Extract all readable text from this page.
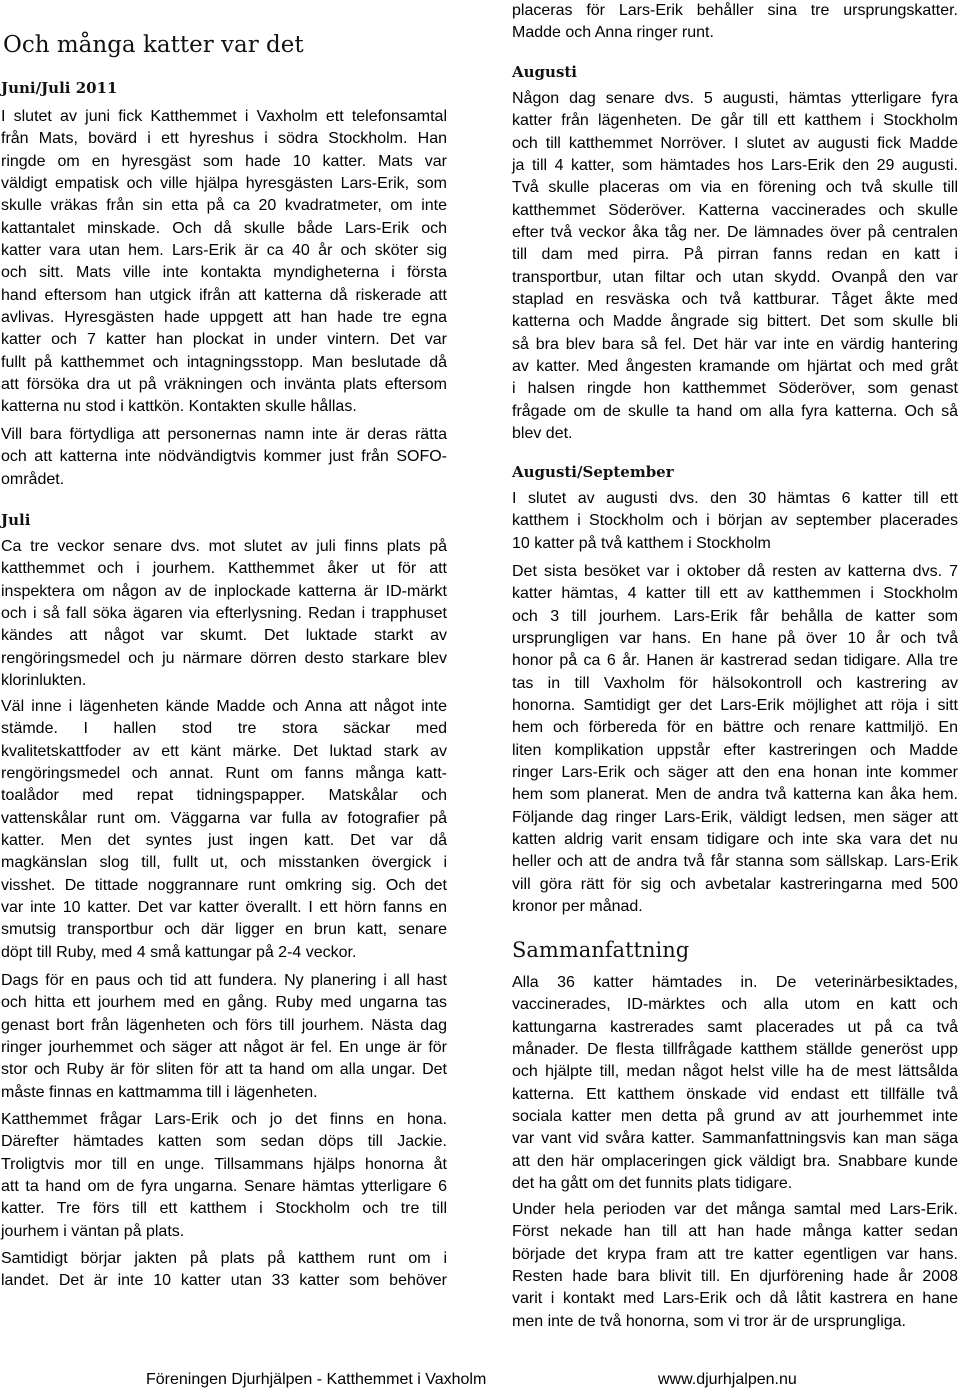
Och många katter var det
Juni/Juli 2011
I slutet av juni fick Katthemmet i Vaxholm ett telefonsamtal
från Mats, bovärd i ett hyreshus i södra Stockholm. Han
ringde om en hyresgäst som hade 10 katter. Mats var
väldigt empatisk och ville hjälpa hyresgästen Lars-Erik, som
skulle vräkas från sin etta på ca 20 kvadratmeter, om inte
kattantalet minskade. Och då skulle både Lars-Erik och
katter vara utan hem. Lars-Erik är ca 40 år och sköter sig
och sitt. Mats ville inte kontakta myndigheterna i första
hand eftersom han utgick ifrån att katterna då riskerade att
avlivas. Hyresgästen hade uppgett att han hade tre egna
katter och 7 katter han plockat in under vintern. Det var
fullt på katthemmet och intagningsstopp. Man beslutade då
att försöka dra ut på vräkningen och invänta plats eftersom
katterna nu stod i kattkön. Kontakten skulle hållas.
Vill bara förtydliga att personernas namn inte är deras rätta
och att katterna inte nödvändigtvis kommer just från SOFO-
området.
Juli
Ca tre veckor senare dvs. mot slutet av juli finns plats på
katthemmet och i jourhem. Katthemmet åker ut för att
inspektera om någon av de inplockade katterna är ID-märkt
och i så fall söka ägaren via efterlysning. Redan i trapphuset
kändes att något var skumt. Det luktade starkt av
rengöringsmedel och ju närmare dörren desto starkare blev
klorinlukten.
Väl inne i lägenheten kände Madde och Anna att något inte
stämde. I hallen stod tre stora säckar med
kvalitetskattfoder av ett känt märke. Det luktad stark av
rengöringsmedel och annat. Runt om fanns många katt-
toalådor med repat tidningspapper. Matskålar och
vattenskålar runt om. Väggarna var fulla av fotografier på
katter. Men det syntes just ingen katt. Det var då
magkänslan slog till, fullt ut, och misstanken övergick i
visshet. De tittade noggrannare runt omkring sig. Och det
var inte 10 katter. Det var katter överallt. I ett hörn fanns en
smutsig transportbur och där ligger en brun katt, senare
döpt till Ruby, med 4 små kattungar på 2-4 veckor.
Dags för en paus och tid att fundera. Ny planering i all hast
och hitta ett jourhem med en gång. Ruby med ungarna tas
genast bort från lägenheten och förs till jourhem. Nästa dag
ringer jourhemmet och säger att något är fel. En unge är för
stor och Ruby är för sliten för att ta hand om alla ungar. Det
måste finnas en kattmamma till i lägenheten.
Katthemmet frågar Lars-Erik och jo det finns en hona.
Därefter hämtades katten som sedan döps till Jackie.
Troligtvis mor till en unge. Tillsammans hjälps honorna åt
att ta hand om de fyra ungarna. Senare hämtas ytterligare 6
katter. Tre förs till ett katthem i Stockholm och tre till
jourhem i väntan på plats.
Samtidigt börjar jakten på plats på katthem runt om i
landet. Det är inte 10 katter utan 33 katter som behöver
placeras för Lars-Erik behåller sina tre ursprungskatter.
Madde och Anna ringer runt.
Augusti
Någon dag senare dvs. 5 augusti, hämtas ytterligare fyra
katter från lägenheten. De går till ett katthem i Stockholm
och till katthemmet Norröver. I slutet av augusti fick Madde
ja till 4 katter, som hämtades hos Lars-Erik den 29 augusti.
Två skulle placeras om via en förening och två skulle till
katthemmet Söderöver. Katterna vaccinerades och skulle
efter två veckor åka tåg ner. De lämnades över på centralen
till dam med pirra. På pirran fanns redan en katt i
transportbur, utan filtar och utan skydd. Ovanpå den var
staplad en resväska och två kattburar. Tåget åkte med
katterna och Madde ångrade sig bittert. Det som skulle bli
så bra blev bara så fel. Det här var inte en värdig hantering
av katter. Med ångesten kramande om hjärtat och med gråt
i halsen ringde hon katthemmet Söderöver, som genast
frågade om de skulle ta hand om alla fyra katterna. Och så
blev det.
Augusti/September
I slutet av augusti dvs. den 30 hämtas 6 katter till ett
katthem i Stockholm och i början av september placerades
10 katter på två katthem i Stockholm
Det sista besöket var i oktober då resten av katterna dvs. 7
katter hämtas, 4 katter till ett av katthemmen i Stockholm
och 3 till jourhem. Lars-Erik får behålla de katter som
ursprungligen var hans. En hane på över 10 år och två
honor på ca 6 år. Hanen är kastrerad sedan tidigare. Alla tre
tas in till Vaxholm för hälsokontroll och kastrering av
honorna. Samtidigt ger det Lars-Erik möjlighet att röja i sitt
hem och förbereda för en bättre och renare kattmiljö. En
liten komplikation uppstår efter kastreringen och Madde
ringer Lars-Erik och säger att den ena honan inte kommer
hem som planerat. Men de andra två katterna kan åka hem.
Följande dag ringer Lars-Erik, väldigt ledsen, men säger att
katten aldrig varit ensam tidigare och inte ska vara det nu
heller och att de andra två får stanna som sällskap. Lars-Erik
vill göra rätt för sig och avbetalar kastreringarna med 500
kronor per månad.
Sammanfattning
Alla 36 katter hämtades in. De veterinärbesiktades,
vaccinerades, ID-märktes och alla utom en katt och
kattungarna kastrerades samt placerades ut på ca två
månader. De flesta tillfrågade katthem ställde generöst upp
och hjälpte till, medan något helst ville ha de mest lättsålda
katterna. Ett katthem önskade vid endast ett tillfälle två
sociala katter men detta på grund av att jourhemmet inte
var vant vid svåra katter. Sammanfattningsvis kan man säga
att den här omplaceringen gick väldigt bra. Snabbare kunde
det ha gått om det funnits plats tidigare.
Under hela perioden var det många samtal med Lars-Erik.
Först nekade han till att han hade många katter sedan
började det krypa fram att tre katter egentligen var hans.
Resten hade bara blivit till. En djurförening hade år 2008
varit i kontakt med Lars-Erik och då låtit kastrera en hane
men inte de två honorna, som vi tror är de ursprungliga.
Föreningen Djurhjälpen - Katthemmet i Vaxholm	www.djurhjalpen.nu
